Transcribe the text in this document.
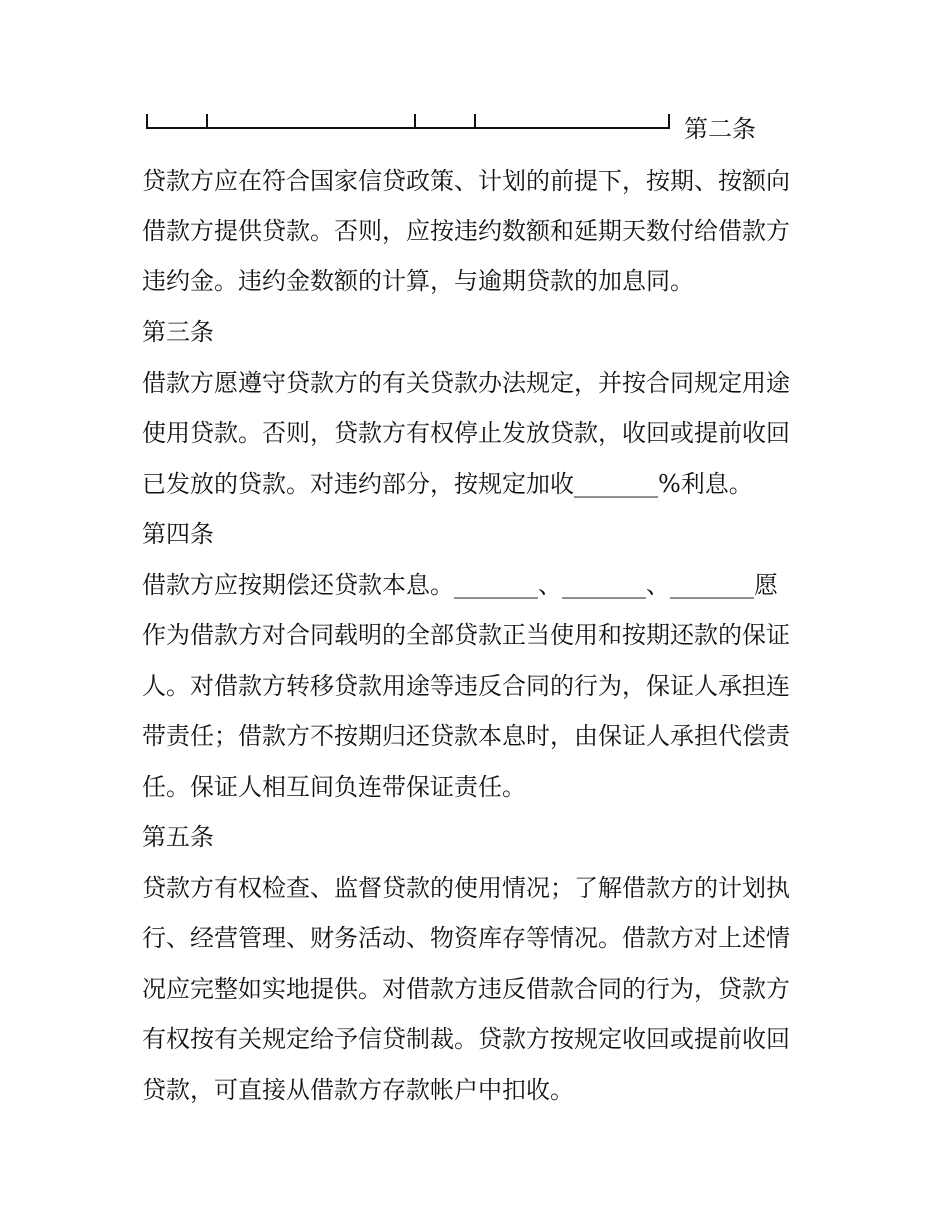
第二条
贷款方应在符合国家信贷政策、计划的前提下，按期、按额向
借款方提供贷款。否则，应按违约数额和延期天数付给借款方
违约金。违约金数额的计算，与逾期贷款的加息同。
第三条
借款方愿遵守贷款方的有关贷款办法规定，并按合同规定用途
使用贷款。否则，贷款方有权停止发放贷款，收回或提前收回
已发放的贷款。对违约部分，按规定加收_______%利息。
第四条
借款方应按期偿还贷款本息。_______、_______、_______愿
作为借款方对合同载明的全部贷款正当使用和按期还款的保证
人。对借款方转移贷款用途等违反合同的行为，保证人承担连
带责任；借款方不按期归还贷款本息时，由保证人承担代偿责
任。保证人相互间负连带保证责任。
第五条
贷款方有权检查、监督贷款的使用情况；了解借款方的计划执
行、经营管理、财务活动、物资库存等情况。借款方对上述情
况应完整如实地提供。对借款方违反借款合同的行为，贷款方
有权按有关规定给予信贷制裁。贷款方按规定收回或提前收回
贷款，可直接从借款方存款帐户中扣收。
